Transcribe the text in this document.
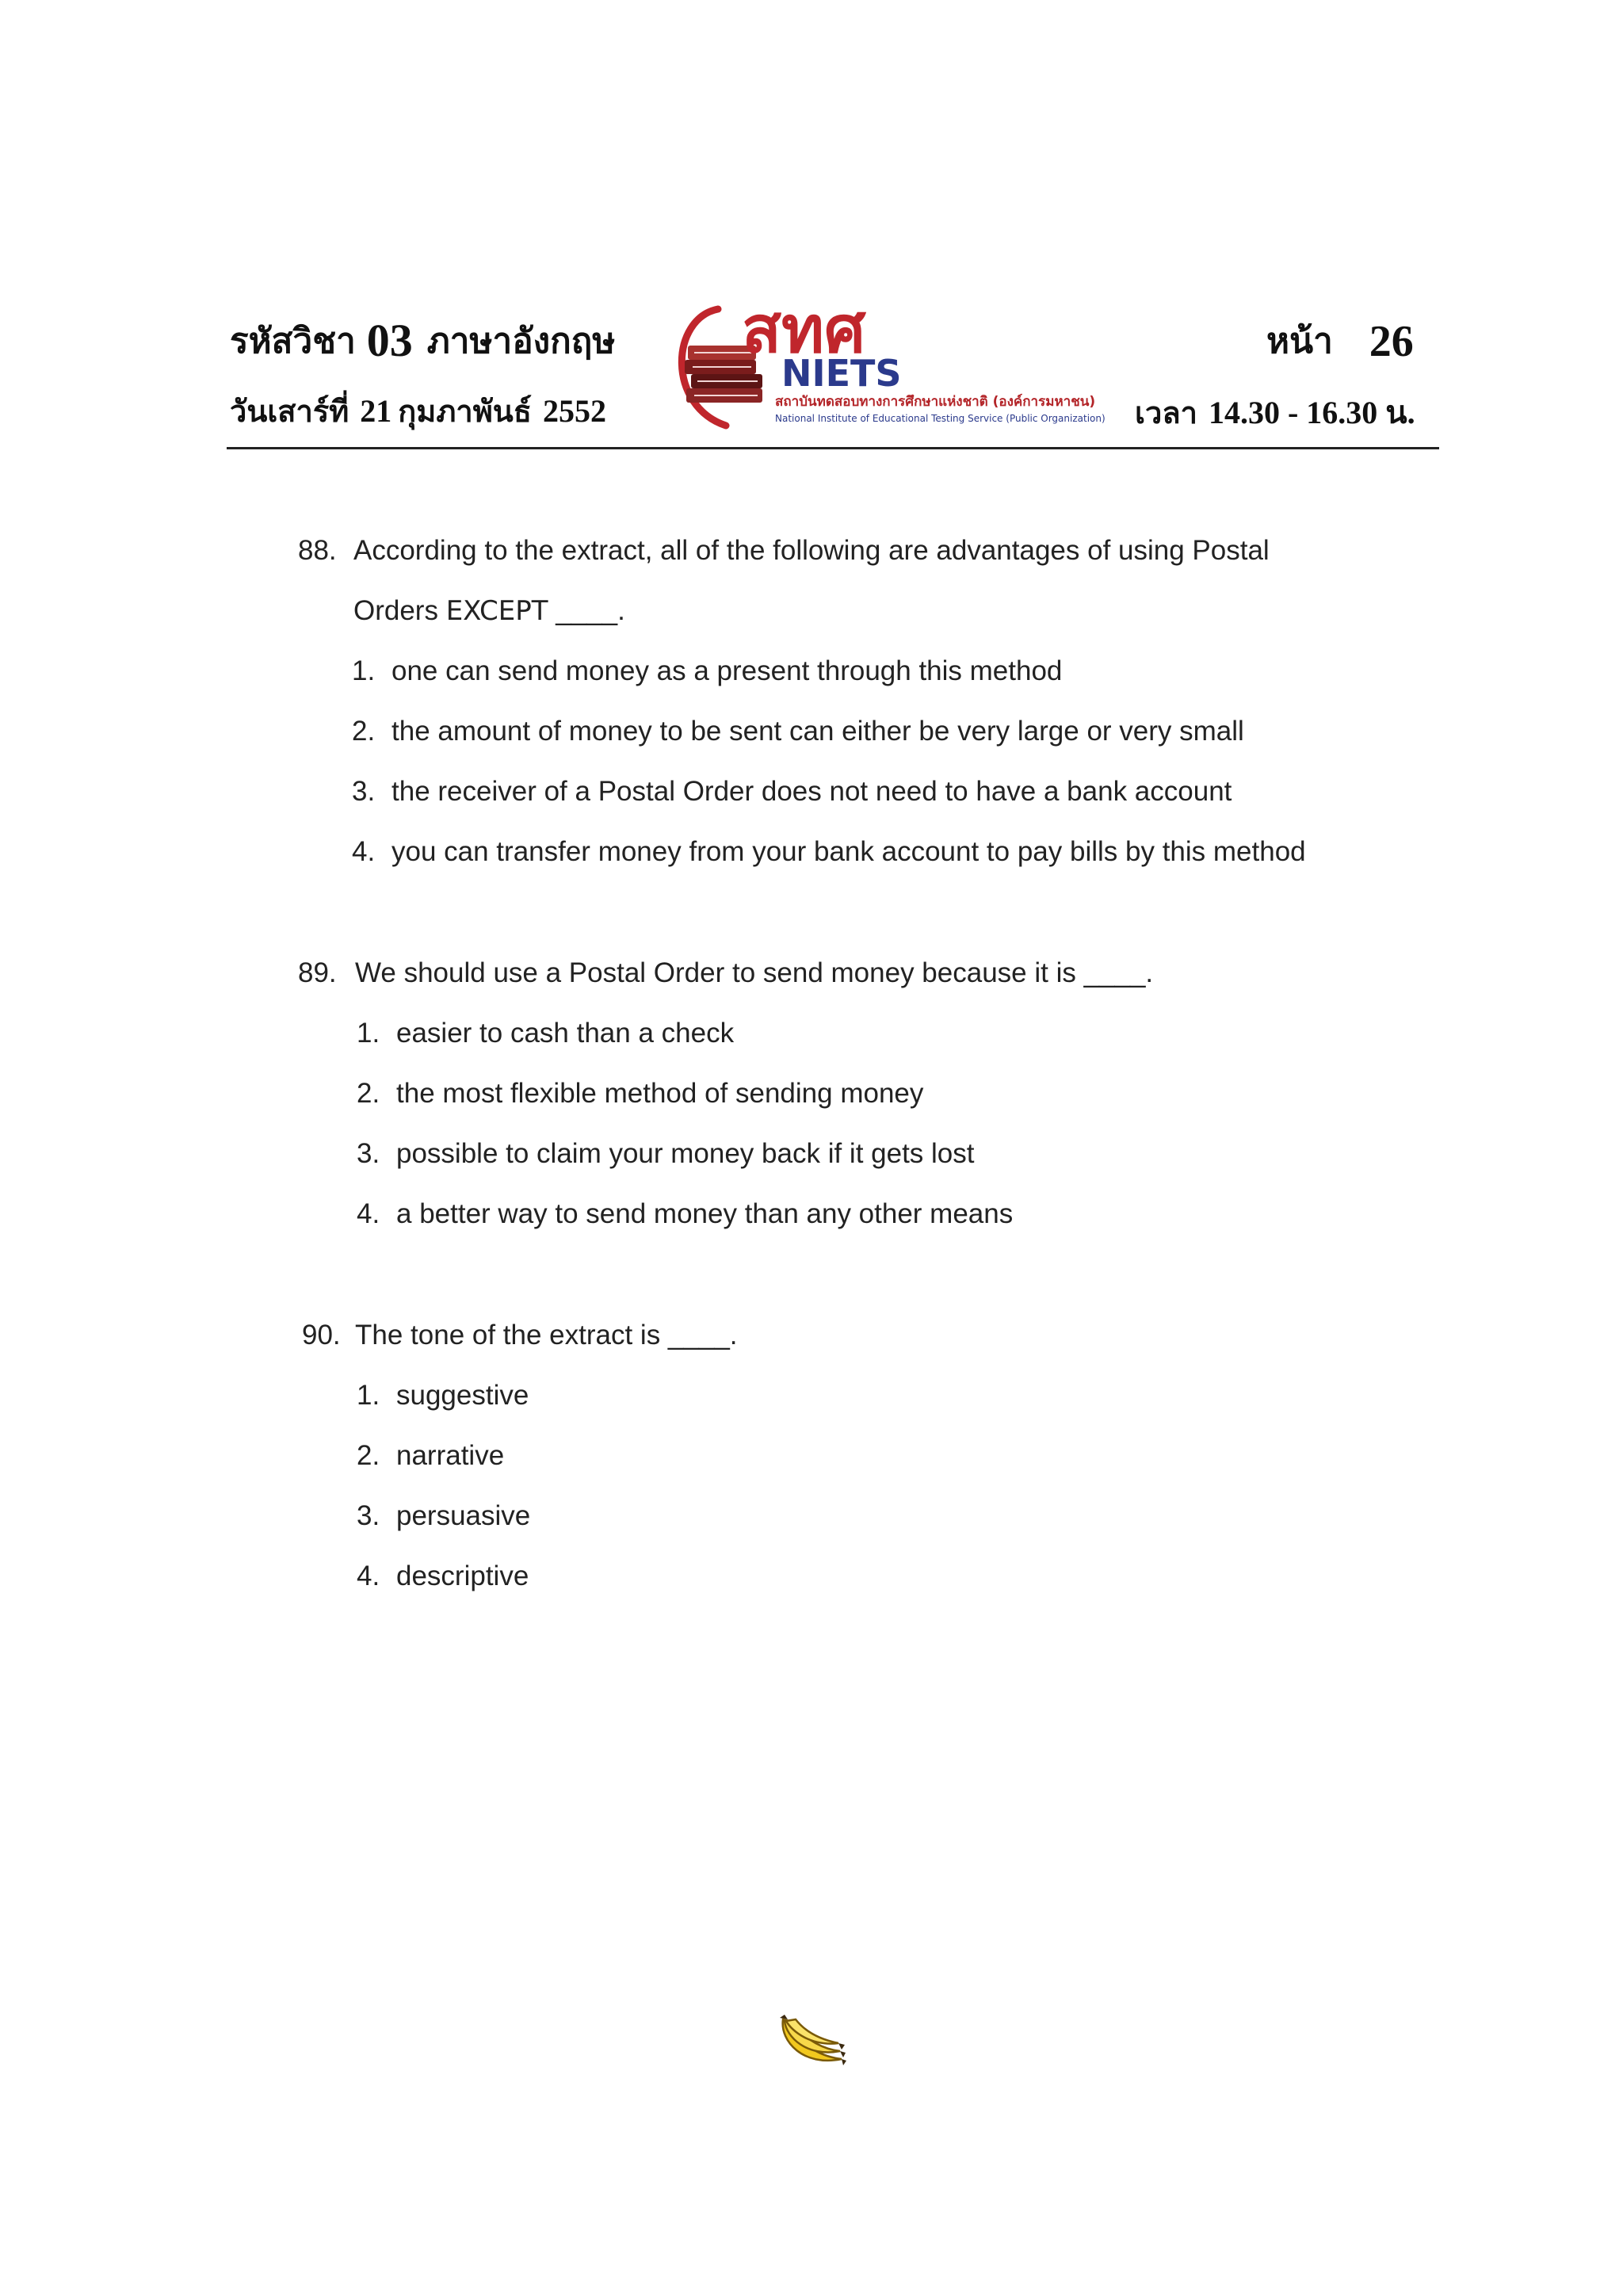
รหัสวิชา 03 ภาษาอังกฤษ	หน้า 26
วันเสาร์ที่ 21 กุมภาพันธ์ 2552	เวลา 14.30 - 16.30 น.
สทศ
NIETS
สถาบันทดสอบทางการศึกษาแห่งชาติ (องค์การมหาชน)
National Institute of Educational Testing Service (Public Organization)
88. According to the extract, all of the following are advantages of using Postal
Orders EXCEPT ____.
1. one can send money as a present through this method
2. the amount of money to be sent can either be very large or very small
3. the receiver of a Postal Order does not need to have a bank account
4. you can transfer money from your bank account to pay bills by this method
89. We should use a Postal Order to send money because it is ____.
1. easier to cash than a check
2. the most flexible method of sending money
3. possible to claim your money back if it gets lost
4. a better way to send money than any other means
90. The tone of the extract is ____.
1. suggestive
2. narrative
3. persuasive
4. descriptive
